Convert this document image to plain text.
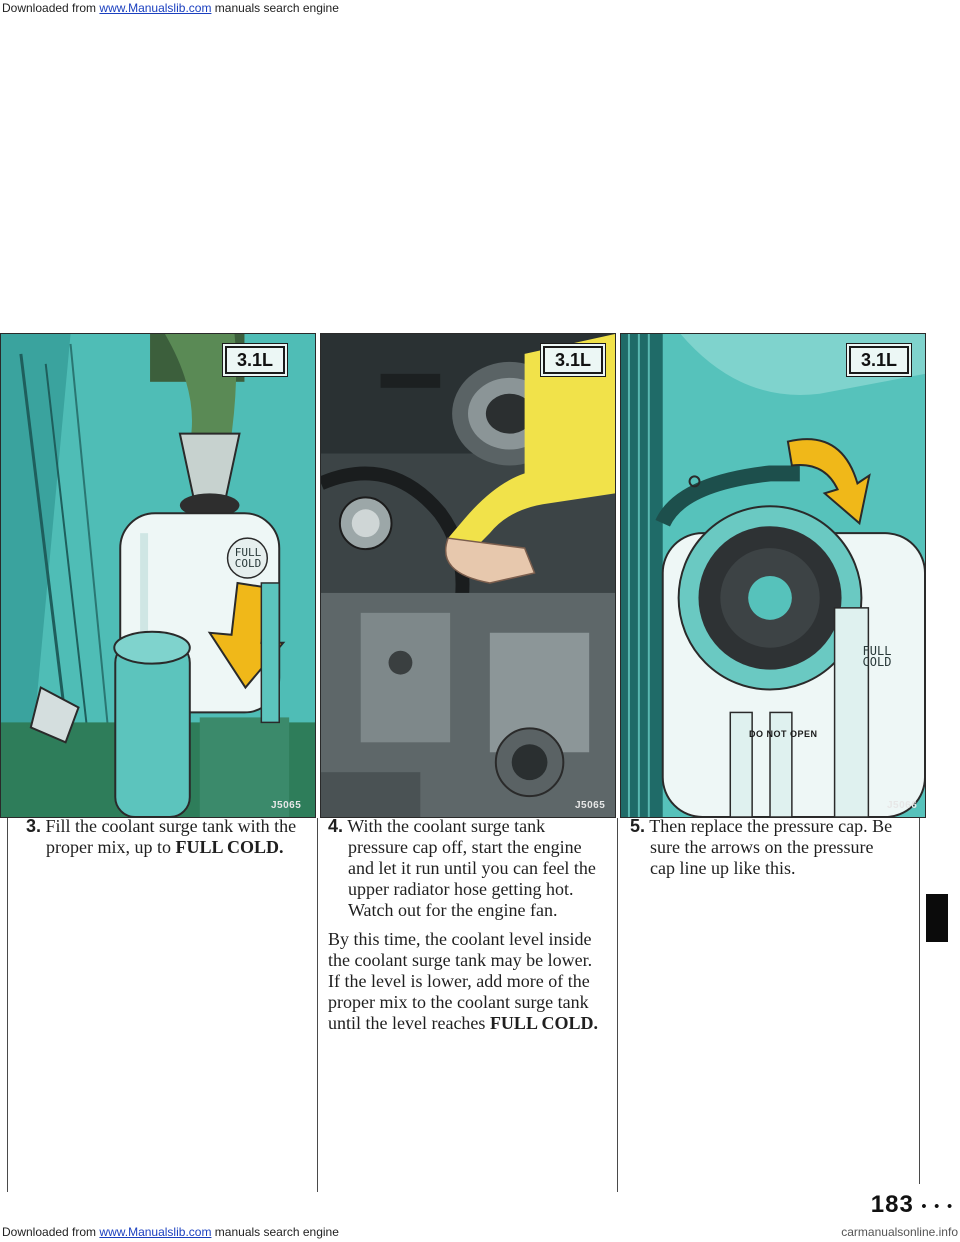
Downloaded from www.Manualslib.com manuals search engine
3.1L
FULL COLD
J5065
3.1L
J5065
3.1L
FULL COLD
DO NOT OPEN
J5066

3. Fill the coolant surge tank with the proper mix, up to FULL COLD.

4. With the coolant surge tank pressure cap off, start the engine and let it run until you can feel the upper radiator hose getting hot. Watch out for the engine fan.

By this time, the coolant level inside the coolant surge tank may be lower. If the level is lower, add more of the proper mix to the coolant surge tank until the level reaches FULL COLD.

5. Then replace the pressure cap. Be sure the arrows on the pressure cap line up like this.

183 • • •
Downloaded from www.Manualslib.com manuals search engine	carmanualsonline.info
